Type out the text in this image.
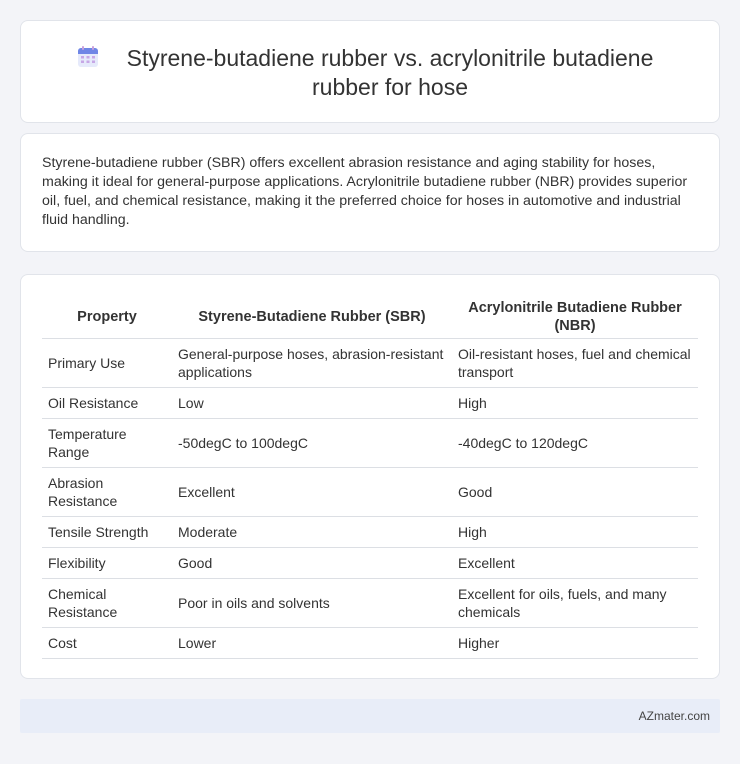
Styrene-butadiene rubber vs. acrylonitrile butadiene rubber for hose

Styrene-butadiene rubber (SBR) offers excellent abrasion resistance and aging stability for hoses, making it ideal for general-purpose applications. Acrylonitrile butadiene rubber (NBR) provides superior oil, fuel, and chemical resistance, making it the preferred choice for hoses in automotive and industrial fluid handling.

Property	Styrene-Butadiene Rubber (SBR)	Acrylonitrile Butadiene Rubber (NBR)
Primary Use	General-purpose hoses, abrasion-resistant applications	Oil-resistant hoses, fuel and chemical transport
Oil Resistance	Low	High
Temperature Range	-50degC to 100degC	-40degC to 120degC
Abrasion Resistance	Excellent	Good
Tensile Strength	Moderate	High
Flexibility	Good	Excellent
Chemical Resistance	Poor in oils and solvents	Excellent for oils, fuels, and many chemicals
Cost	Lower	Higher
AZmater.com
